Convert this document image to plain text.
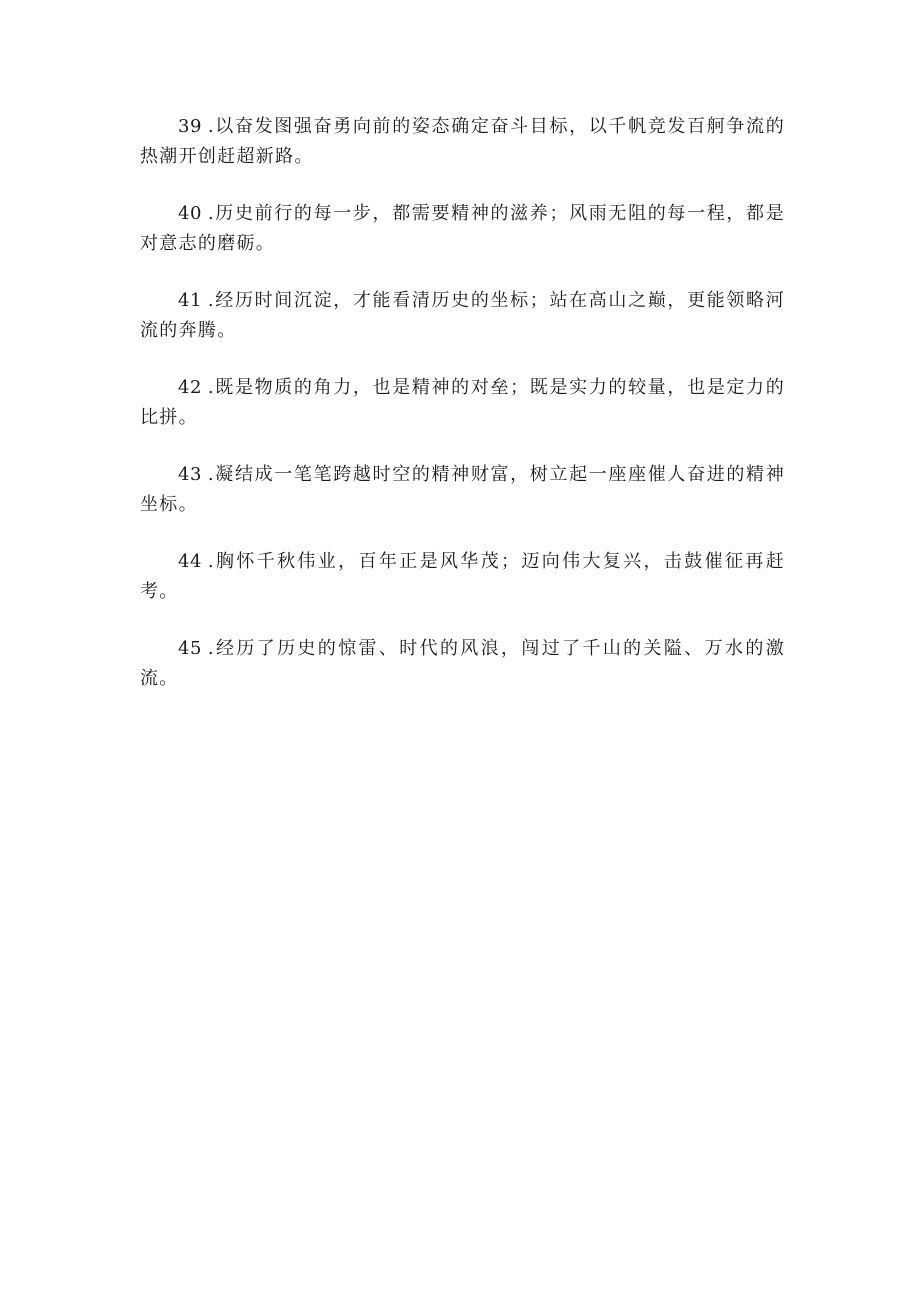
39 .以奋发图强奋勇向前的姿态确定奋斗目标，以千帆竞发百舸争流的热潮开创赶超新路。

40 .历史前行的每一步，都需要精神的滋养；风雨无阻的每一程，都是对意志的磨砺。

41 .经历时间沉淀，才能看清历史的坐标；站在高山之巅，更能领略河流的奔腾。

42 .既是物质的角力，也是精神的对垒；既是实力的较量，也是定力的比拼。

43 .凝结成一笔笔跨越时空的精神财富，树立起一座座催人奋进的精神坐标。

44 .胸怀千秋伟业，百年正是风华茂；迈向伟大复兴，击鼓催征再赶考。

45 .经历了历史的惊雷、时代的风浪，闯过了千山的关隘、万水的激流。
